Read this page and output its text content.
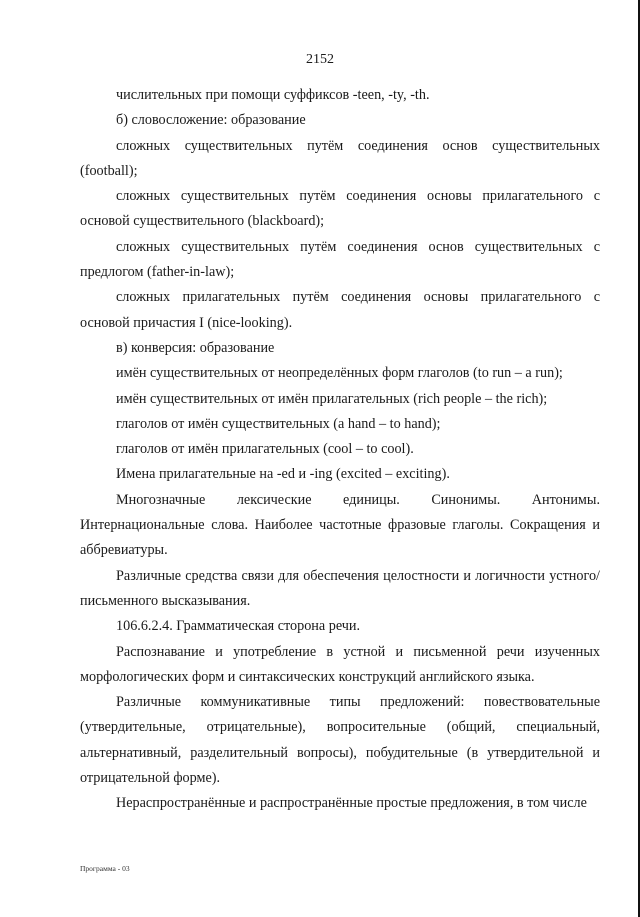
2152

числительных при помощи суффиксов -teen, -ty, -th.

б) словосложение: образование

сложных существительных путём соединения основ существительных (football);

сложных существительных путём соединения основы прилагательного с основой существительного (blackboard);

сложных существительных путём соединения основ существительных с предлогом (father-in-law);

сложных прилагательных путём соединения основы прилагательного с основой причастия I (nice-looking).

в) конверсия: образование

имён существительных от неопределённых форм глаголов (to run – a run);

имён существительных от имён прилагательных (rich people – the rich);

глаголов от имён существительных (a hand – to hand);

глаголов от имён прилагательных (cool – to cool).

Имена прилагательные на -ed и -ing (excited – exciting).

Многозначные лексические единицы. Синонимы. Антонимы. Интернациональные слова. Наиболее частотные фразовые глаголы. Сокращения и аббревиатуры.

Различные средства связи для обеспечения целостности и логичности устного/письменного высказывания.

106.6.2.4. Грамматическая сторона речи.

Распознавание и употребление в устной и письменной речи изученных морфологических форм и синтаксических конструкций английского языка.

Различные коммуникативные типы предложений: повествовательные (утвердительные, отрицательные), вопросительные (общий, специальный, альтернативный, разделительный вопросы), побудительные (в утвердительной и отрицательной форме).

Нераспространённые и распространённые простые предложения, в том числе

Программа - 03
